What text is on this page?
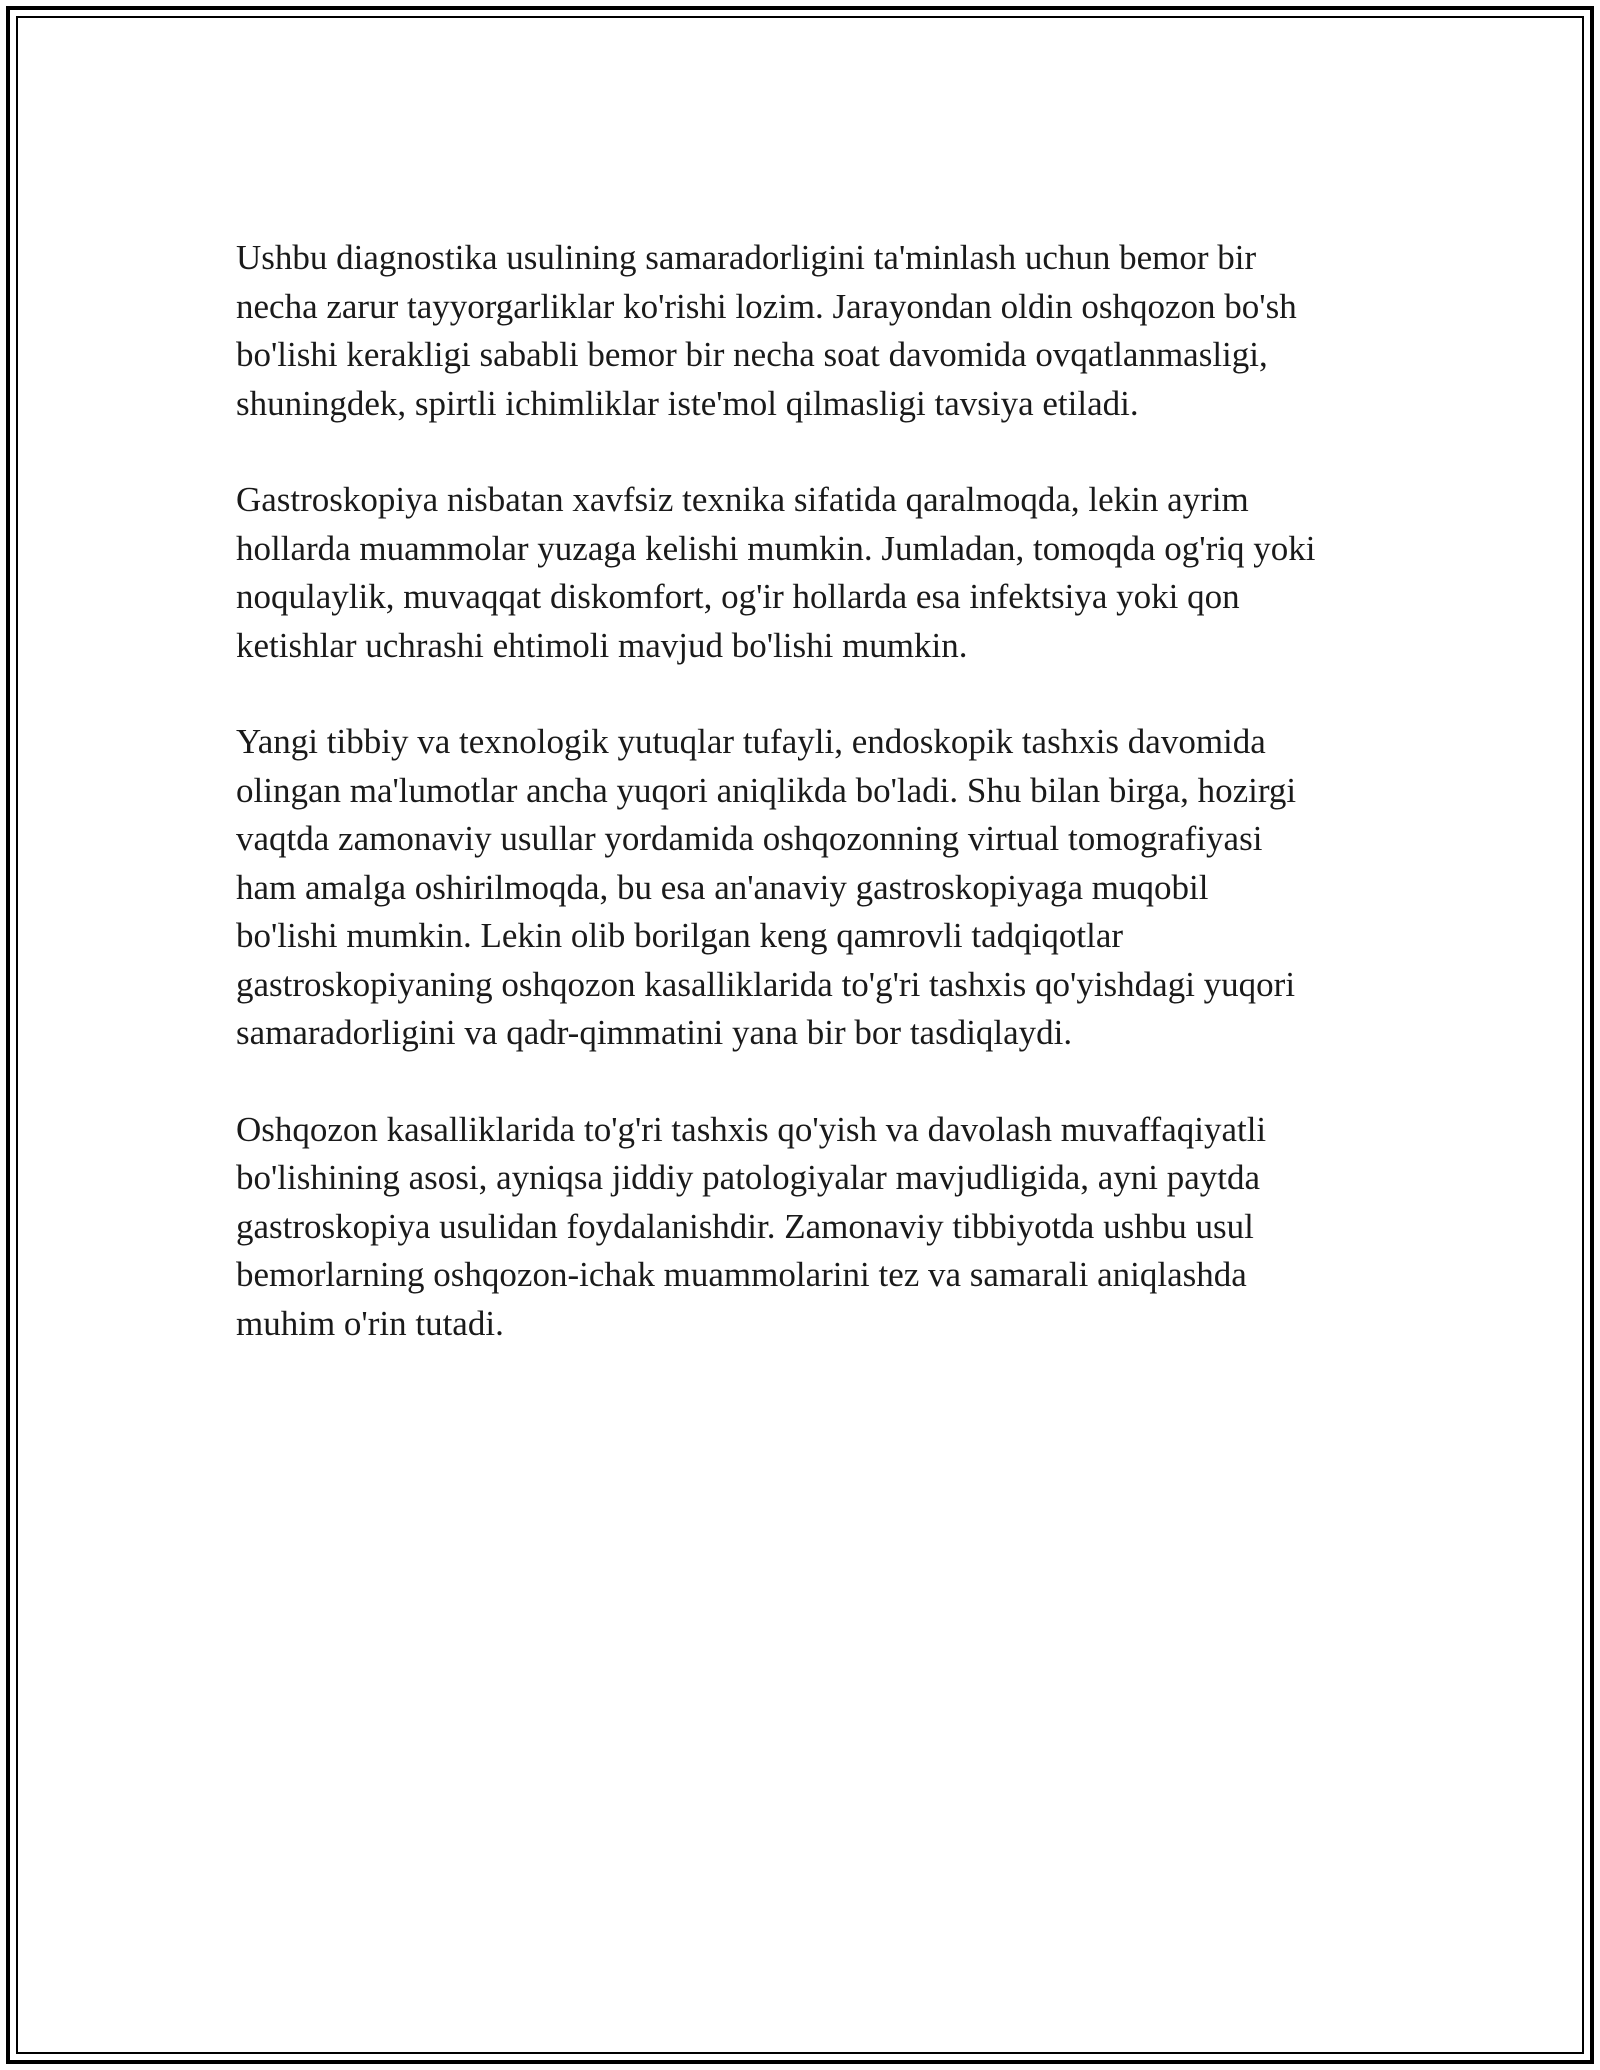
Ushbu diagnostika usulining samaradorligini ta'minlash uchun bemor bir
necha zarur tayyorgarliklar ko'rishi lozim. Jarayondan oldin oshqozon bo'sh
bo'lishi kerakligi sababli bemor bir necha soat davomida ovqatlanmasligi,
shuningdek, spirtli ichimliklar iste'mol qilmasligi tavsiya etiladi.

Gastroskopiya nisbatan xavfsiz texnika sifatida qaralmoqda, lekin ayrim
hollarda muammolar yuzaga kelishi mumkin. Jumladan, tomoqda og'riq yoki
noqulaylik, muvaqqat diskomfort, og'ir hollarda esa infektsiya yoki qon
ketishlar uchrashi ehtimoli mavjud bo'lishi mumkin.

Yangi tibbiy va texnologik yutuqlar tufayli, endoskopik tashxis davomida
olingan ma'lumotlar ancha yuqori aniqlikda bo'ladi. Shu bilan birga, hozirgi
vaqtda zamonaviy usullar yordamida oshqozonning virtual tomografiyasi
ham amalga oshirilmoqda, bu esa an'anaviy gastroskopiyaga muqobil
bo'lishi mumkin. Lekin olib borilgan keng qamrovli tadqiqotlar
gastroskopiyaning oshqozon kasalliklarida to'g'ri tashxis qo'yishdagi yuqori
samaradorligini va qadr-qimmatini yana bir bor tasdiqlaydi.

Oshqozon kasalliklarida to'g'ri tashxis qo'yish va davolash muvaffaqiyatli
bo'lishining asosi, ayniqsa jiddiy patologiyalar mavjudligida, ayni paytda
gastroskopiya usulidan foydalanishdir. Zamonaviy tibbiyotda ushbu usul
bemorlarning oshqozon-ichak muammolarini tez va samarali aniqlashda
muhim o'rin tutadi.
